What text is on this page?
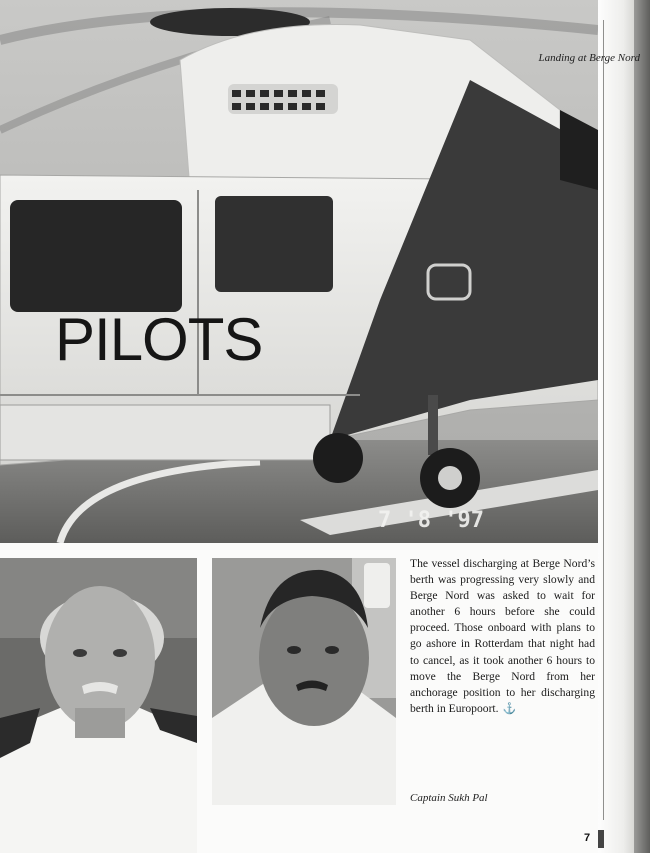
PILOTS
7 '8 '97
Landing at Berge Nord

The vessel discharging at Berge Nord’s berth was progressing very slowly and Berge Nord was asked to wait for another 6 hours before she could proceed. Those onboard with plans to go ashore in Rotterdam that night had to cancel, as it took another 6 hours to move the Berge Nord from her anchorage position to her discharging berth in Europoort. ⚓

Captain Sukh Pal
7
